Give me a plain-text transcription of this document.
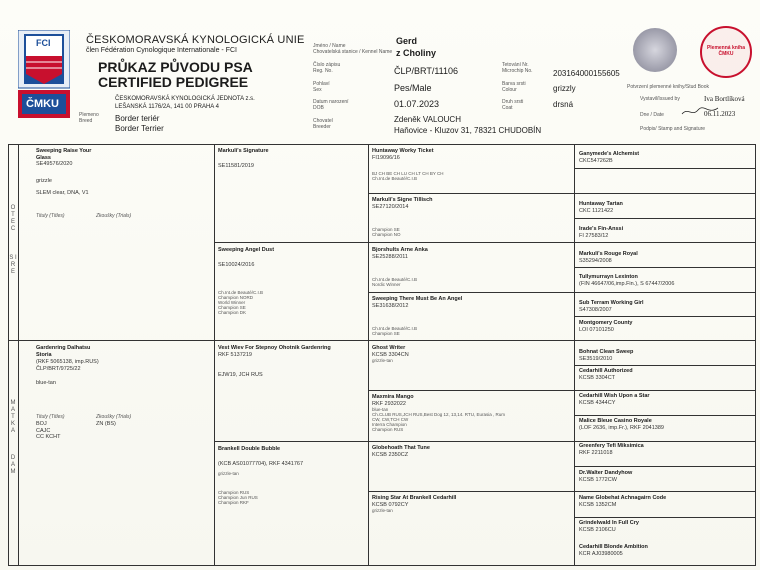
FCI
ČMKU
ČESKOMORAVSKÁ KYNOLOGICKÁ UNIE
člen Fédération Cynologique Internationale - FCI
PRŮKAZ PŮVODU PSA
CERTIFIED PEDIGREE
ČESKOMORAVSKÁ KYNOLOGICKÁ JEDNOTA z.s.
LEŠANSKÁ 1176/2A, 141 00 PRAHA 4
Plemeno
Breed	Border teriér
Border Terrier
Jméno / Name
Chovatelská stanice / Kennel Name
Gerd
z Choliny
Číslo zápisu
Reg. No.	ČLP/BRT/11106
Tetování Nr.
Microchip No.	203164000155605
Pohlaví
Sex	Pes/Male	Barva srsti
Colour	grizzly
Datum narození
DOB	01.07.2023	Druh srsti
Coat	drsná
Chovatel
Breeder
Zdeněk VALOUCH
Haňovice - Kluzov 31, 78321 CHUDOBÍN
Plemenná kniha ČMKU
Potvrzení plemenné knihy/Stud Book
Vystavil/Issued by	Iva Bortlíková
Dne / Date	06.11.2023
Podpis/ Stamp and Signature
O T E C
S I R E
M A T K A
D A M
Sweeping Raise Your Glass
SE49576/2020
grizzle
SLEM clear, DNA, V1
Tituly (Titles)	Zkoušky (Trials)
Gardenring Dalhatsu Storia
(RKF 5065138, imp.RUS)
ČLP/BRT/9725/22
blue-tan
Tituly (Titles)	Zkoušky (Trials)
BOJ
CAJC
CC KCHT
ZN (BS)
Markuli's Signature
SE11581/2019
Sweeping Angel Dust
SE10024/2016
Ch.Int.de Beauté/C.I.B
Champion NORD
World Winner
Champion SE
Champion DK
Vest Wiev For Stepnoy Ohotnik Gardenring
RKF 5137219
EJW19, JCH RUS
Brankell Double Bubble
(KCB AS01077704), RKF 4341767
grizzle-tan
Champion RUS
Champion Jun RUS
Champion RKF
Huntaway Worky Ticket
FI19096/16
BJ CH BE CH LU CH LT CH BY CH
Ch.Int.de Beauté/C.I.B
Markuli's Signe Tillisch
SE27120/2014
Champion SE
Champion NO
Bjorshults Arne Anka
SE25288/2011
Ch.Int.de Beauté/C.I.B
Nordic Winner
Sweeping There Must Be An Angel
SE31638/2012
Ch.Int.de Beauté/C.I.B
Champion SE
Ghost Writer
KCSB 3304CN
grizzle-tan
Maxmira Mango
RKF 2932022
blue-tan
Ch.CLUB RUS,JCH RUS,Best Dog 12, 13,14. RTU, Eurasia , Rum
CW, CW,TCH CW
Interra Champion
Champion RUS
Globehoath That Tune
KCSB 2350CZ
Rising Star At Brankell Cedarhill
KCSB 0792CY
grizzle-tan
Ganymede's Alchemist
CKC547262B
Huntaway Tartan
CKC 1121422
Irade's Fin-Anssi
FI 27583/12
Markuli's Rouge Royal
S35294/2008
Tullymurrayn Lexinton
(FIN 46647/06,imp.Fin.), S 67447/2006
Sub Terram Working Girl
S47308/2007
Montgomery County
LOI 07101250
Bohnat Clean Sweep
SE3519/2010
Cedarhill Authorized
KCSB 3304CT
Cedarhill Wish Upon a Star
KCSB 4344CY
Malice Bleue Casino Royale
(LOF 2636, imp.Fr.), RKF 2041389
Greenfery Tefi Miksimica
RKF 2211018
Dr.Walter Dandyhow
KCSB 1772CW
Name Globehat Achnagairn Code
KCSB 1352CM
Grindelwald In Full Cry
KCSB 2106CU
Cedarhill Blonde Ambition
KCR AJ03980005
